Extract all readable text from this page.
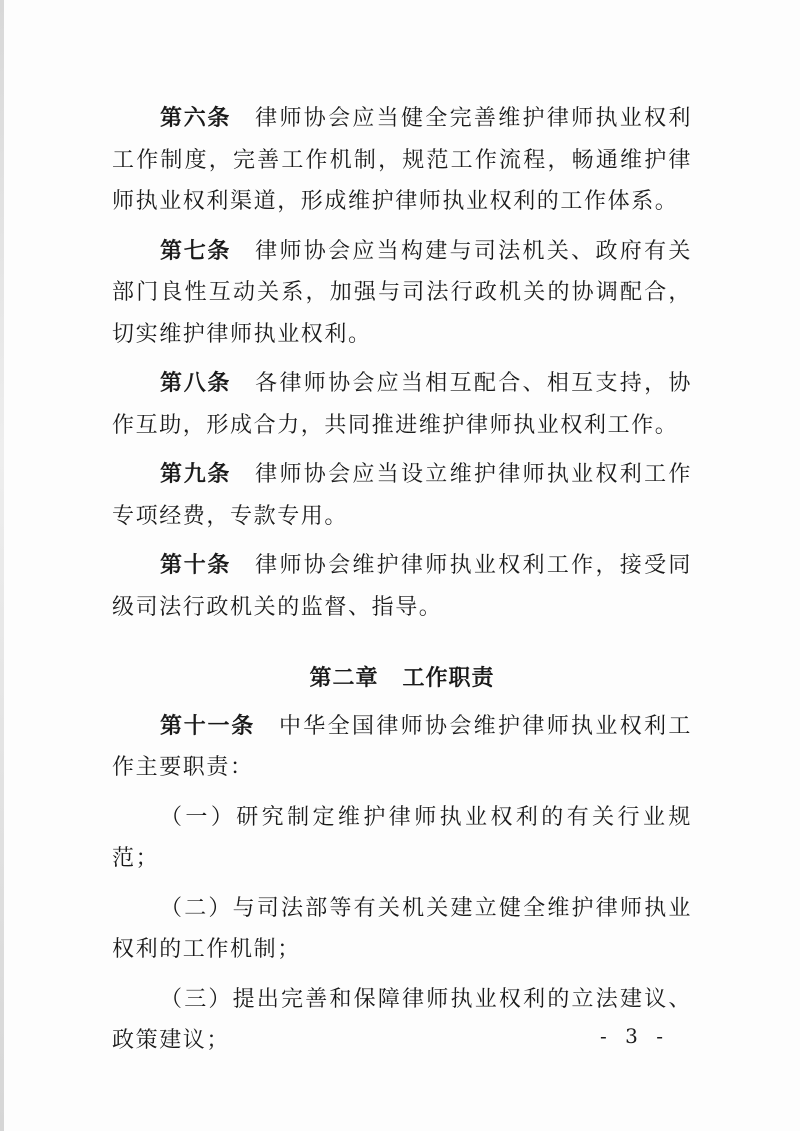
第六条 律师协会应当健全完善维护律师执业权利工作制度，完善工作机制，规范工作流程，畅通维护律师执业权利渠道，形成维护律师执业权利的工作体系。

第七条 律师协会应当构建与司法机关、政府有关部门良性互动关系，加强与司法行政机关的协调配合，切实维护律师执业权利。

第八条 各律师协会应当相互配合、相互支持，协作互助，形成合力，共同推进维护律师执业权利工作。

第九条 律师协会应当设立维护律师执业权利工作专项经费，专款专用。

第十条 律师协会维护律师执业权利工作，接受同级司法行政机关的监督、指导。

第二章 工作职责

第十一条 中华全国律师协会维护律师执业权利工作主要职责：

（一）研究制定维护律师执业权利的有关行业规范；

（二）与司法部等有关机关建立健全维护律师执业权利的工作机制；

（三）提出完善和保障律师执业权利的立法建议、政策建议；	- 3 -
